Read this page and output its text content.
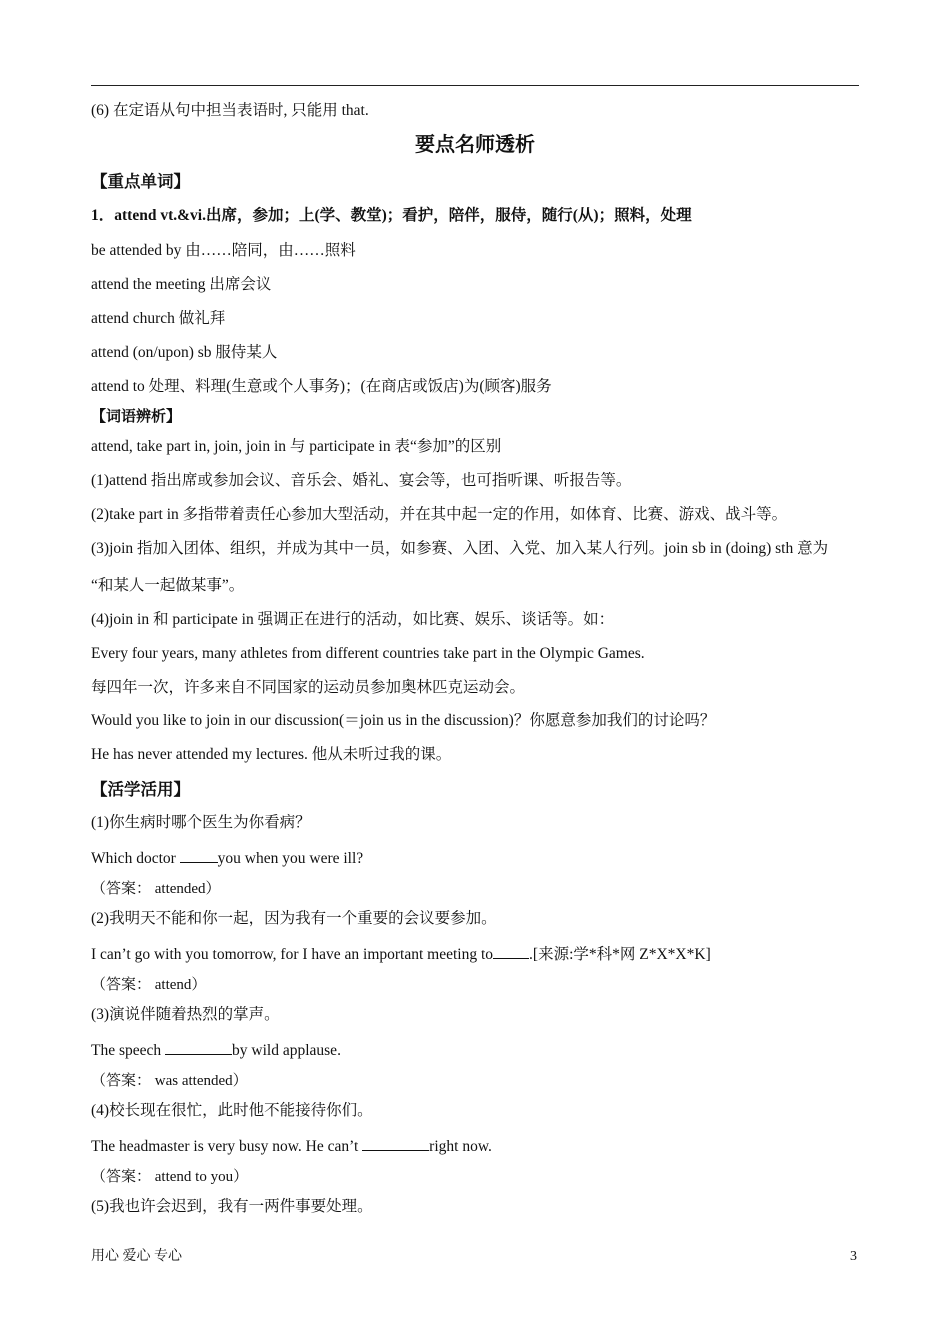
(6) 在定语从句中担当表语时, 只能用 that.
要点名师透析
【重点单词】
1．attend vt.&vi.出席，参加；上(学、教堂)；看护，陪伴，服侍，随行(从)；照料，处理
be attended by 由……陪同，由……照料
attend the meeting 出席会议
attend church 做礼拜
attend (on/upon) sb 服侍某人
attend to 处理、料理(生意或个人事务)；(在商店或饭店)为(顾客)服务
【词语辨析】
attend, take part in, join, join in 与 participate in 表“参加”的区别
(1)attend 指出席或参加会议、音乐会、婚礼、宴会等，也可指听课、听报告等。
(2)take part in 多指带着责任心参加大型活动，并在其中起一定的作用，如体育、比赛、游戏、战斗等。
(3)join 指加入团体、组织，并成为其中一员，如参赛、入团、入党、加入某人行列。join sb in (doing) sth 意为
“和某人一起做某事”。
(4)join in 和 participate in 强调正在进行的活动，如比赛、娱乐、谈话等。如：
Every four years, many athletes from different countries take part in the Olympic Games.
每四年一次，许多来自不同国家的运动员参加奥林匹克运动会。
Would you like to join in our discussion(＝join us in the discussion)？你愿意参加我们的讨论吗？
He has never attended my lectures. 他从未听过我的课。
【活学活用】
(1)你生病时哪个医生为你看病？
Which doctor you when you were ill?
（答案： attended）
(2)我明天不能和你一起，因为我有一个重要的会议要参加。
I can’t go with you tomorrow, for I have an important meeting to .[来源:学*科*网 Z*X*X*K]
（答案： attend）
(3)演说伴随着热烈的掌声。
The speech	by wild applause.
（答案： was attended）
(4)校长现在很忙，此时他不能接待你们。
The headmaster is very busy now. He can’t	right now.
（答案： attend to you）
(5)我也许会迟到，我有一两件事要处理。
用心 爱心 专心	3
